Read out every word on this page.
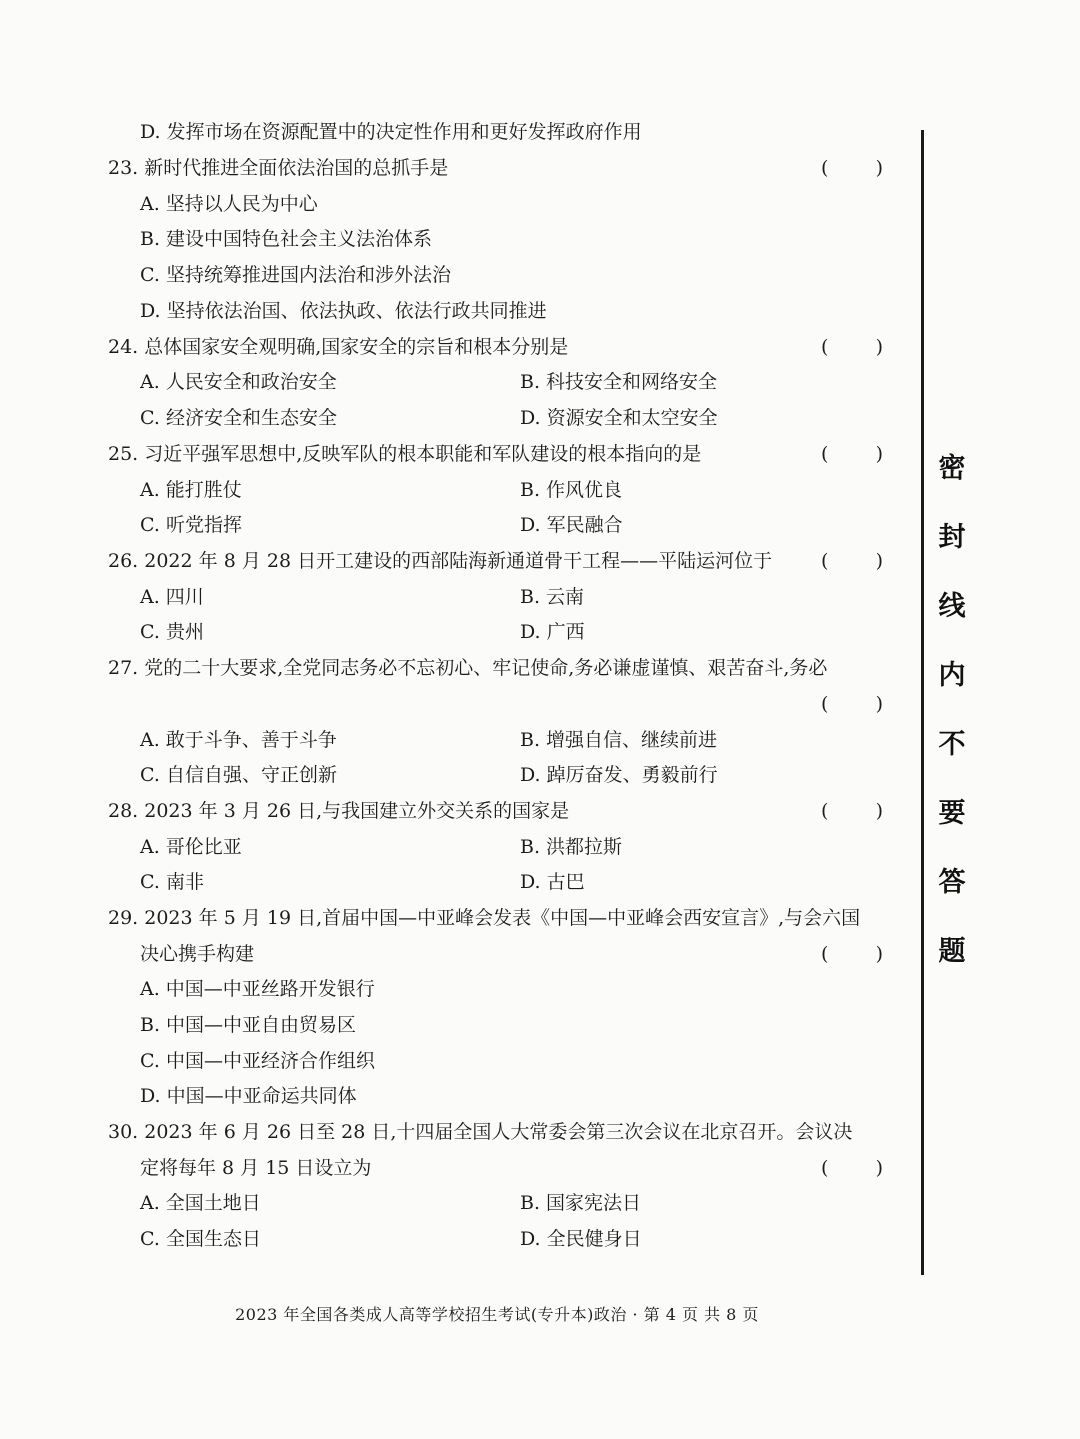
D. 发挥市场在资源配置中的决定性作用和更好发挥政府作用
23. 新时代推进全面依法治国的总抓手是	( )
A. 坚持以人民为中心
B. 建设中国特色社会主义法治体系
C. 坚持统筹推进国内法治和涉外法治
D. 坚持依法治国、依法执政、依法行政共同推进
24. 总体国家安全观明确,国家安全的宗旨和根本分别是	( )
A. 人民安全和政治安全	B. 科技安全和网络安全
C. 经济安全和生态安全	D. 资源安全和太空安全
25. 习近平强军思想中,反映军队的根本职能和军队建设的根本指向的是	( )
A. 能打胜仗	B. 作风优良
C. 听党指挥	D. 军民融合
26. 2022 年 8 月 28 日开工建设的西部陆海新通道骨干工程——平陆运河位于	( )
A. 四川	B. 云南
C. 贵州	D. 广西
27. 党的二十大要求,全党同志务必不忘初心、牢记使命,务必谦虚谨慎、艰苦奋斗,务必
( )
A. 敢于斗争、善于斗争	B. 增强自信、继续前进
C. 自信自强、守正创新	D. 踔厉奋发、勇毅前行
28. 2023 年 3 月 26 日,与我国建立外交关系的国家是	( )
A. 哥伦比亚	B. 洪都拉斯
C. 南非	D. 古巴
29. 2023 年 5 月 19 日,首届中国—中亚峰会发表《中国—中亚峰会西安宣言》,与会六国
决心携手构建	( )
A. 中国—中亚丝路开发银行
B. 中国—中亚自由贸易区
C. 中国—中亚经济合作组织
D. 中国—中亚命运共同体
30. 2023 年 6 月 26 日至 28 日,十四届全国人大常委会第三次会议在北京召开。会议决
定将每年 8 月 15 日设立为	( )
A. 全国土地日	B. 国家宪法日
C. 全国生态日	D. 全民健身日
密
封
线
内
不
要
答
题
2023 年全国各类成人高等学校招生考试(专升本)政治 · 第 4 页 共 8 页
